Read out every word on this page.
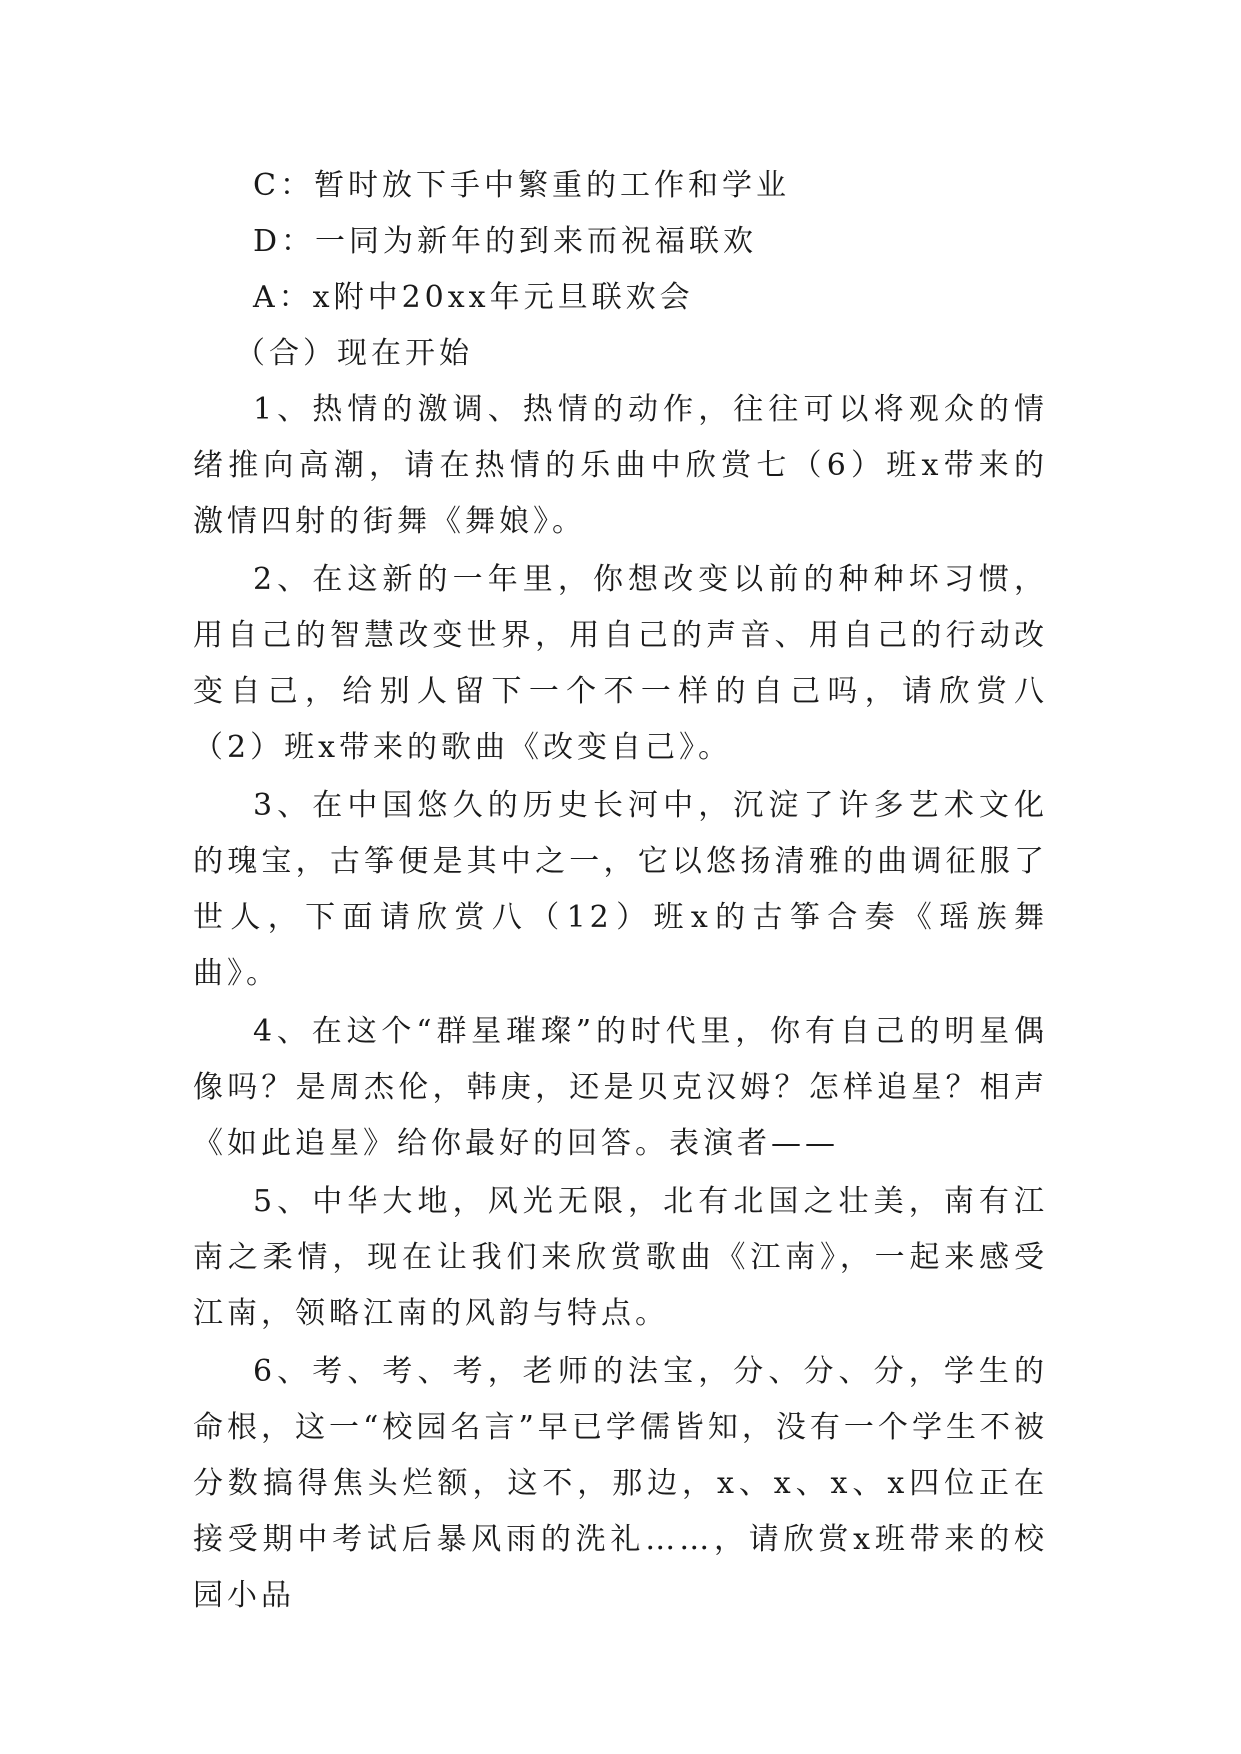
C：暂时放下手中繁重的工作和学业

D：一同为新年的到来而祝福联欢

A：x附中20xx年元旦联欢会

（合）现在开始

1、热情的激调、热情的动作，往往可以将观众的情绪推向高潮，请在热情的乐曲中欣赏七（6）班x带来的激情四射的街舞《舞娘》。

2、在这新的一年里，你想改变以前的种种坏习惯，用自己的智慧改变世界，用自己的声音、用自己的行动改变自己，给别人留下一个不一样的自己吗，请欣赏八（2）班x带来的歌曲《改变自己》。

3、在中国悠久的历史长河中，沉淀了许多艺术文化的瑰宝，古筝便是其中之一，它以悠扬清雅的曲调征服了世人，下面请欣赏八（12）班x的古筝合奏《瑶族舞曲》。

4、在这个“群星璀璨”的时代里，你有自己的明星偶像吗？是周杰伦，韩庚，还是贝克汉姆？怎样追星？相声《如此追星》给你最好的回答。表演者——

5、中华大地，风光无限，北有北国之壮美，南有江南之柔情，现在让我们来欣赏歌曲《江南》，一起来感受江南，领略江南的风韵与特点。

6、考、考、考，老师的法宝，分、分、分，学生的命根，这一“校园名言”早已学儒皆知，没有一个学生不被分数搞得焦头烂额，这不，那边，x、x、x、x四位正在接受期中考试后暴风雨的洗礼……，请欣赏x班带来的校园小品
